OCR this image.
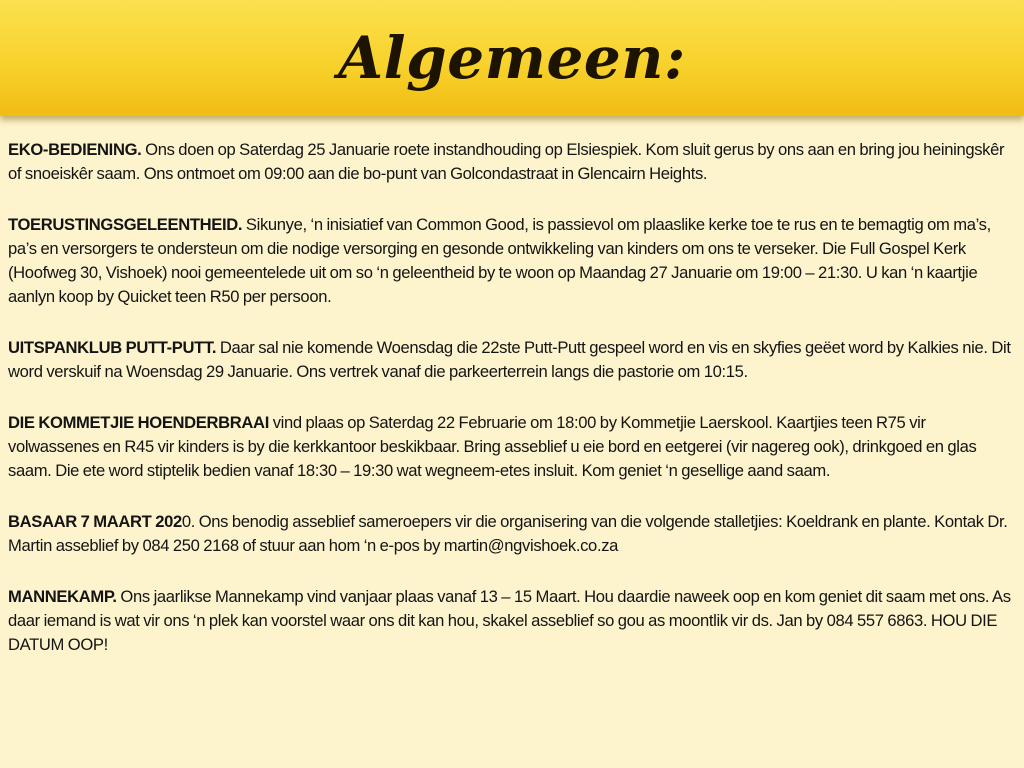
Algemeen:

EKO-BEDIENING. Ons doen op Saterdag 25 Januarie roete instandhouding op Elsiespiek. Kom sluit gerus by ons aan en bring jou heiningskêr of snoeiskêr saam. Ons ontmoet om 09:00 aan die bo-punt van Golcondastraat in Glencairn Heights.

TOERUSTINGSGELEENTHEID. Sikunye, ‘n inisiatief van Common Good, is passievol om plaaslike kerke toe te rus en te bemagtig om ma’s, pa’s en versorgers te ondersteun om die nodige versorging en gesonde ontwikkeling van kinders om ons te verseker. Die Full Gospel Kerk (Hoofweg 30, Vishoek) nooi gemeentelede uit om so ‘n geleentheid by te woon op Maandag 27 Januarie om 19:00 – 21:30. U kan ‘n kaartjie aanlyn koop by Quicket teen R50 per persoon.

UITSPANKLUB PUTT-PUTT. Daar sal nie komende Woensdag die 22ste Putt-Putt gespeel word en vis en skyfies geëet word by Kalkies nie. Dit word verskuif na Woensdag 29 Januarie. Ons vertrek vanaf die parkeerterrein langs die pastorie om 10:15.

DIE KOMMETJIE HOENDERBRAAI vind plaas op Saterdag 22 Februarie om 18:00 by Kommetjie Laerskool. Kaartjies teen R75 vir volwassenes en R45 vir kinders is by die kerkkantoor beskikbaar. Bring asseblief u eie bord en eetgerei (vir nagereg ook), drinkgoed en glas saam. Die ete word stiptelik bedien vanaf 18:30 – 19:30 wat wegneem-etes insluit. Kom geniet ‘n gesellige aand saam.

BASAAR 7 MAART 2020. Ons benodig asseblief sameroepers vir die organisering van die volgende stalletjies: Koeldrank en plante. Kontak Dr. Martin asseblief by 084 250 2168 of stuur aan hom ‘n e-pos by martin@ngvishoek.co.za

MANNEKAMP. Ons jaarlikse Mannekamp vind vanjaar plaas vanaf 13 – 15 Maart. Hou daardie naweek oop en kom geniet dit saam met ons. As daar iemand is wat vir ons ‘n plek kan voorstel waar ons dit kan hou, skakel asseblief so gou as moontlik vir ds. Jan by 084 557 6863. HOU DIE DATUM OOP!
